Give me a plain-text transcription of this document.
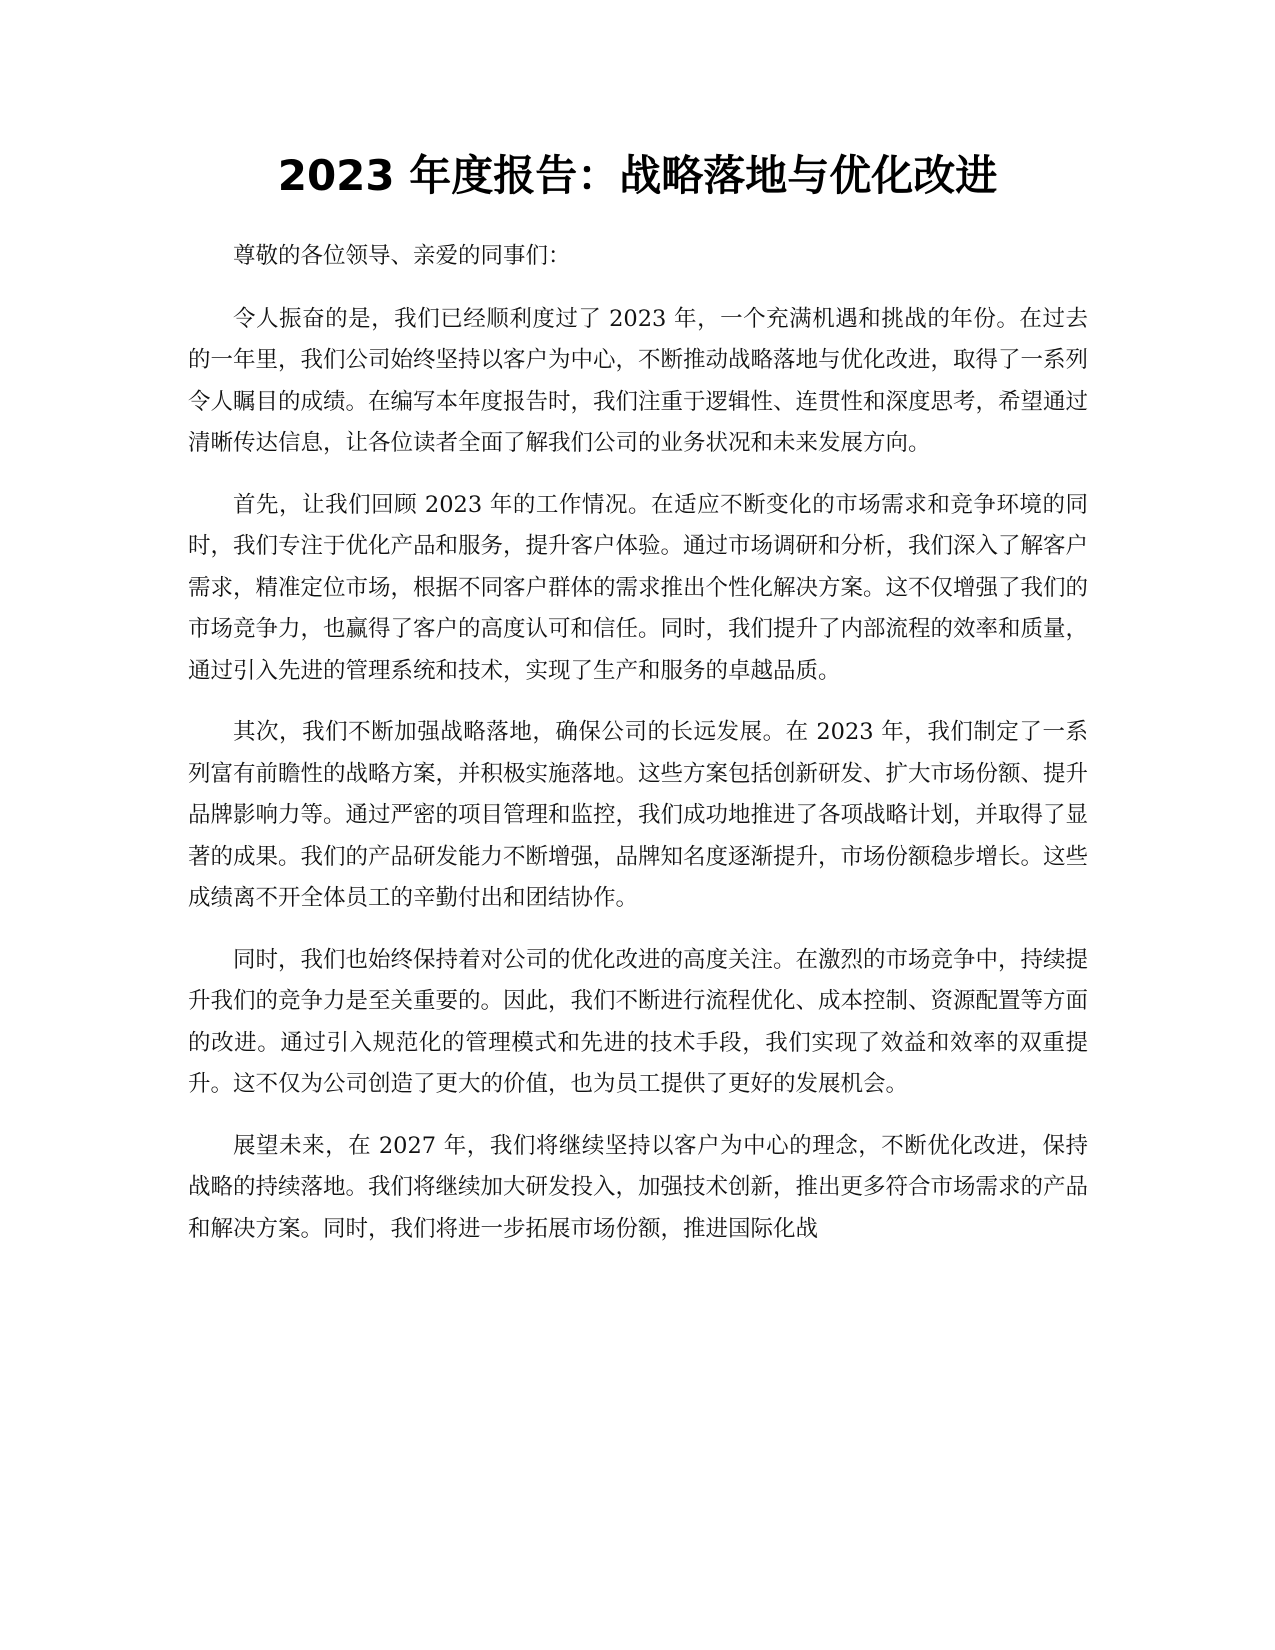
2023 年度报告：战略落地与优化改进

尊敬的各位领导、亲爱的同事们：

令人振奋的是，我们已经顺利度过了 2023 年，一个充满机遇和挑战的年份。在过去的一年里，我们公司始终坚持以客户为中心，不断推动战略落地与优化改进，取得了一系列令人瞩目的成绩。在编写本年度报告时，我们注重于逻辑性、连贯性和深度思考，希望通过清晰传达信息，让各位读者全面了解我们公司的业务状况和未来发展方向。

首先，让我们回顾 2023 年的工作情况。在适应不断变化的市场需求和竞争环境的同时，我们专注于优化产品和服务，提升客户体验。通过市场调研和分析，我们深入了解客户需求，精准定位市场，根据不同客户群体的需求推出个性化解决方案。这不仅增强了我们的市场竞争力，也赢得了客户的高度认可和信任。同时，我们提升了内部流程的效率和质量，通过引入先进的管理系统和技术，实现了生产和服务的卓越品质。

其次，我们不断加强战略落地，确保公司的长远发展。在 2023 年，我们制定了一系列富有前瞻性的战略方案，并积极实施落地。这些方案包括创新研发、扩大市场份额、提升品牌影响力等。通过严密的项目管理和监控，我们成功地推进了各项战略计划，并取得了显著的成果。我们的产品研发能力不断增强，品牌知名度逐渐提升，市场份额稳步增长。这些成绩离不开全体员工的辛勤付出和团结协作。

同时，我们也始终保持着对公司的优化改进的高度关注。在激烈的市场竞争中，持续提升我们的竞争力是至关重要的。因此，我们不断进行流程优化、成本控制、资源配置等方面的改进。通过引入规范化的管理模式和先进的技术手段，我们实现了效益和效率的双重提升。这不仅为公司创造了更大的价值，也为员工提供了更好的发展机会。

展望未来，在 2027 年，我们将继续坚持以客户为中心的理念，不断优化改进，保持战略的持续落地。我们将继续加大研发投入，加强技术创新，推出更多符合市场需求的产品和解决方案。同时，我们将进一步拓展市场份额，推进国际化战
